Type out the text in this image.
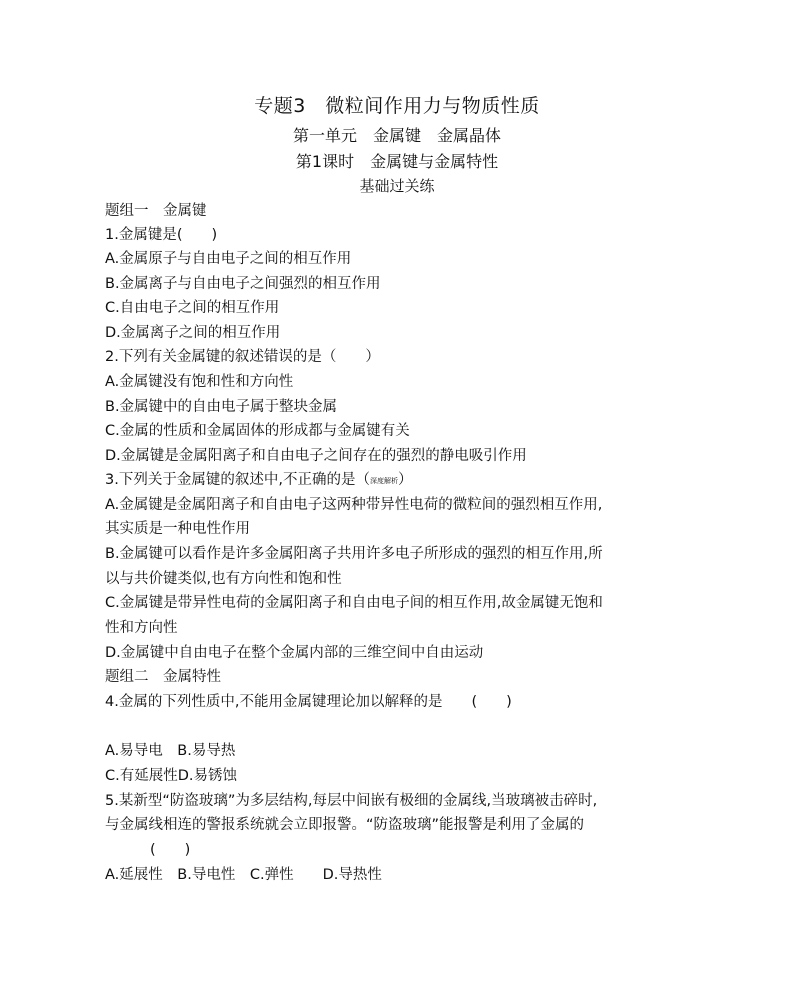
专题3　微粒间作用力与物质性质
第一单元　金属键　金属晶体
第1课时　金属键与金属特性
基础过关练
题组一　金属键
1.金属键是(　　)
A.金属原子与自由电子之间的相互作用
B.金属离子与自由电子之间强烈的相互作用
C.自由电子之间的相互作用
D.金属离子之间的相互作用
2.下列有关金属键的叙述错误的是（　　）
A.金属键没有饱和性和方向性
B.金属键中的自由电子属于整块金属
C.金属的性质和金属固体的形成都与金属键有关
D.金属键是金属阳离子和自由电子之间存在的强烈的静电吸引作用
3.下列关于金属键的叙述中,不正确的是（深度解析）
A.金属键是金属阳离子和自由电子这两种带异性电荷的微粒间的强烈相互作用,
其实质是一种电性作用
B.金属键可以看作是许多金属阳离子共用许多电子所形成的强烈的相互作用,所
以与共价键类似,也有方向性和饱和性
C.金属键是带异性电荷的金属阳离子和自由电子间的相互作用,故金属键无饱和
性和方向性
D.金属键中自由电子在整个金属内部的三维空间中自由运动
题组二　金属特性
4.金属的下列性质中,不能用金属键理论加以解释的是　　(　　)
A.易导电　B.易导热
C.有延展性D.易锈蚀
5.某新型“防盗玻璃”为多层结构,每层中间嵌有极细的金属线,当玻璃被击碎时,
与金属线相连的警报系统就会立即报警。“防盗玻璃”能报警是利用了金属的
(　　)
A.延展性　B.导电性　C.弹性　　D.导热性
